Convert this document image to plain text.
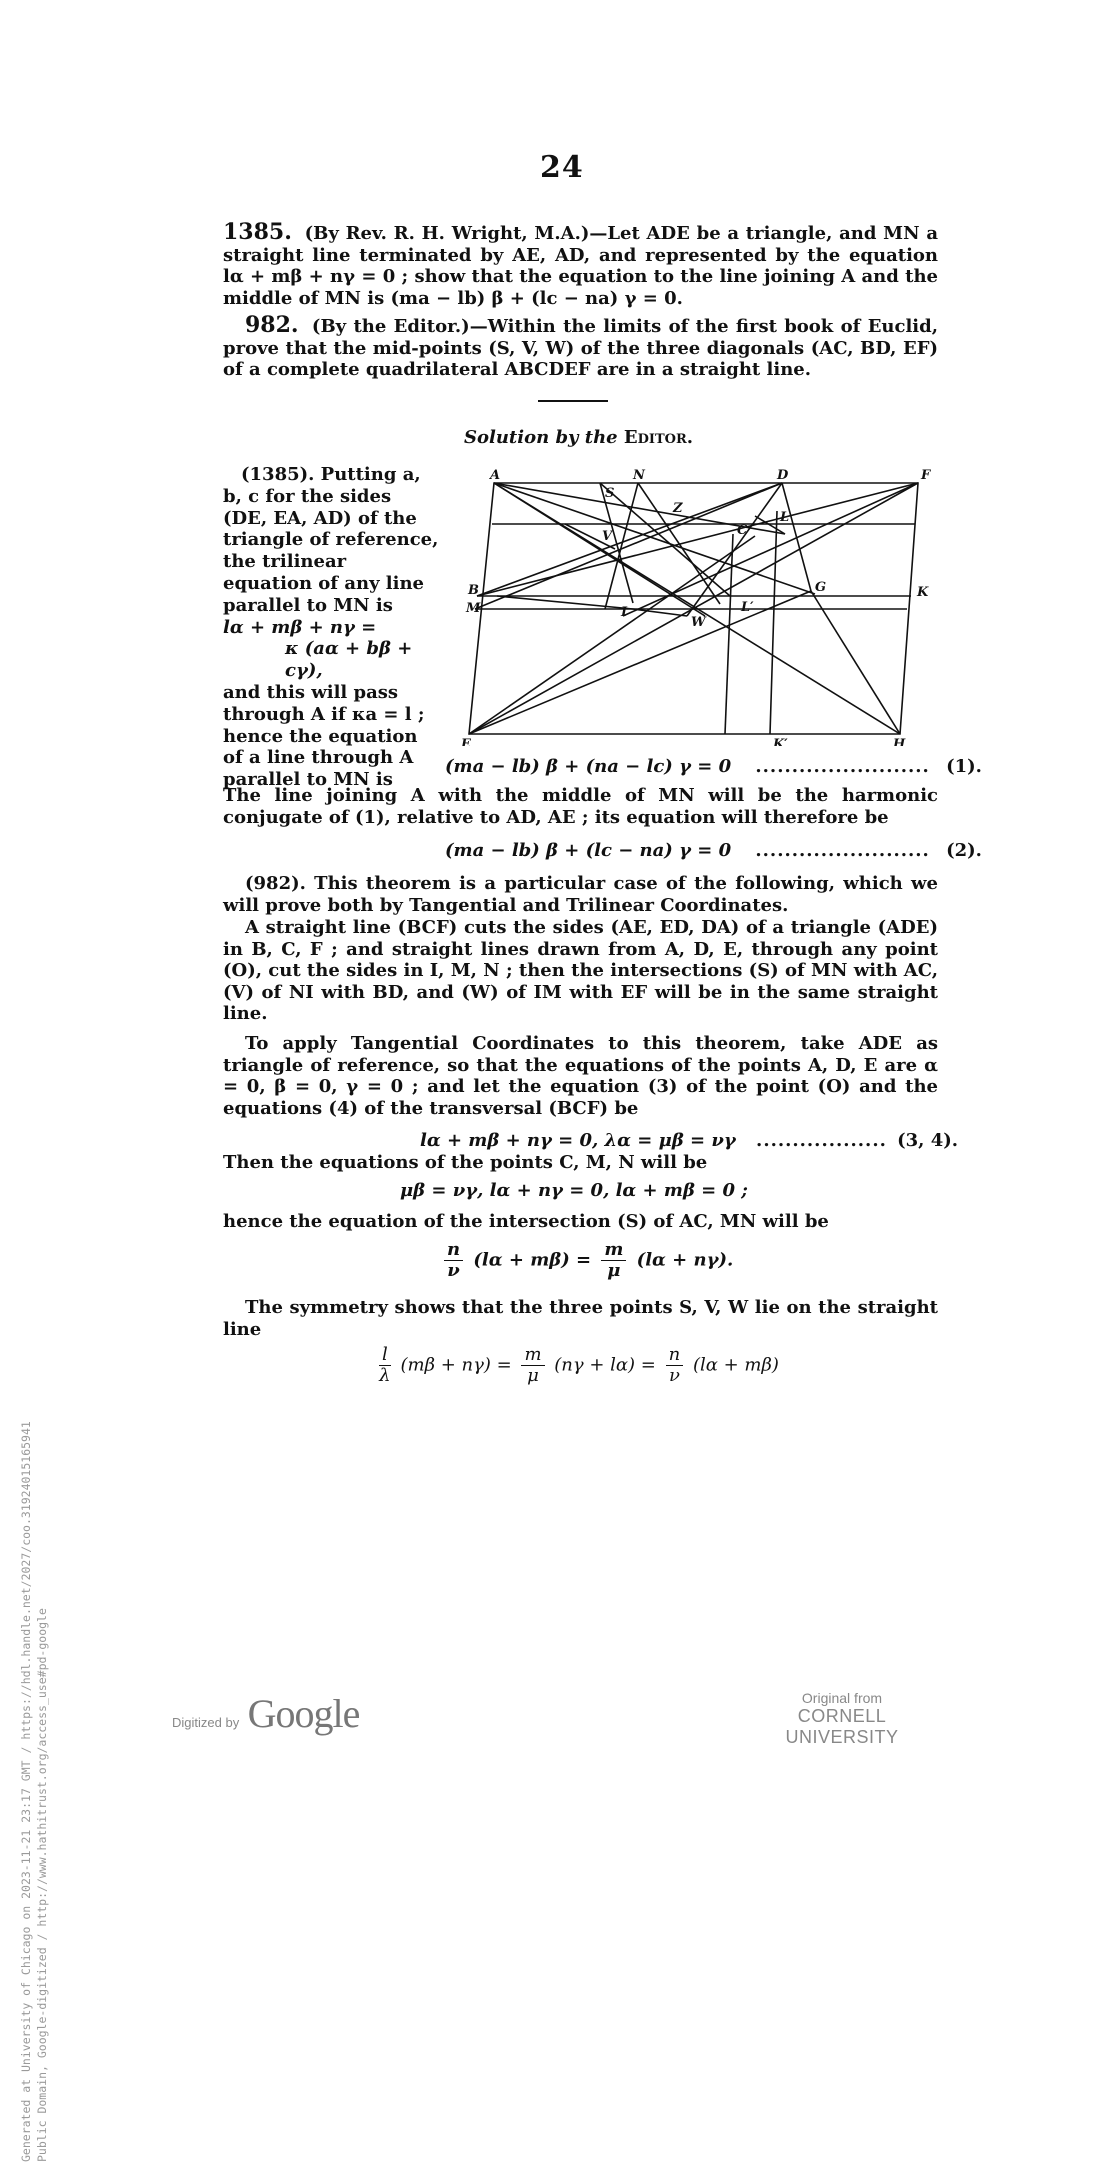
24
1385. (By Rev. R. H. Wright, M.A.)—Let ADE be a triangle, and MN a straight line terminated by AE, AD, and represented by the equation lα + mβ + nγ = 0 ; show that the equation to the line joining A and the middle of MN is (ma − lb) β + (lc − na) γ = 0.
982. (By the Editor.)—Within the limits of the first book of Euclid, prove that the mid-points (S, V, W) of the three diagonals (AC, BD, EF) of a complete quadrilateral ABCDEF are in a straight line.
Solution by the Editor.
(1385). Putting a, b, c for the sides (DE, EA, AD) of the triangle of reference, the trilinear equation of any line parallel to MN is
lα + mβ + nγ =
κ (aα + bβ + cγ),
and this will pass through A if κa = l ; hence the equation of a line through A parallel to MN is
A	N	D	F
S
Z
L
V	C
B
M
G	K
I	L′
W
E	K′	H
(ma − lb) β + (na − lc) γ = 0 ........................ (1).
The line joining A with the middle of MN will be the harmonic conjugate of (1), relative to AD, AE ; its equation will therefore be
(ma − lb) β + (lc − na) γ = 0 ........................ (2).
(982). This theorem is a particular case of the following, which we will prove both by Tangential and Trilinear Coordinates.
A straight line (BCF) cuts the sides (AE, ED, DA) of a triangle (ADE) in B, C, F ; and straight lines drawn from A, D, E, through any point (O), cut the sides in I, M, N ; then the intersections (S) of MN with AC, (V) of NI with BD, and (W) of IM with EF will be in the same straight line.
To apply Tangential Coordinates to this theorem, take ADE as triangle of reference, so that the equations of the points A, D, E are α = 0, β = 0, γ = 0 ; and let the equation (3) of the point (O) and the equations (4) of the transversal (BCF) be
lα + mβ + nγ = 0, λα = μβ = νγ .................. (3, 4).
Then the equations of the points C, M, N will be
μβ = νγ, lα + nγ = 0, lα + mβ = 0 ;
hence the equation of the intersection (S) of AC, MN will be
$\frac{n}{\nu} (l\alpha + m\beta) = \frac{m}{\mu} (l\alpha + n\gamma)$.
The symmetry shows that the three points S, V, W lie on the straight line
$\frac{l}{\lambda} (m\beta + n\gamma) = \frac{m}{\mu} (n\gamma + l\alpha) = \frac{n}{\nu} (l\alpha + m\beta)$
Generated at University of Chicago on 2023-11-21 23:17 GMT / https://hdl.handle.net/2027/coo.31924015165941 Public Domain, Google-digitized / http://www.hathitrust.org/access_use#pd-google	Digitized by Google	Original from
CORNELL UNIVERSITY
